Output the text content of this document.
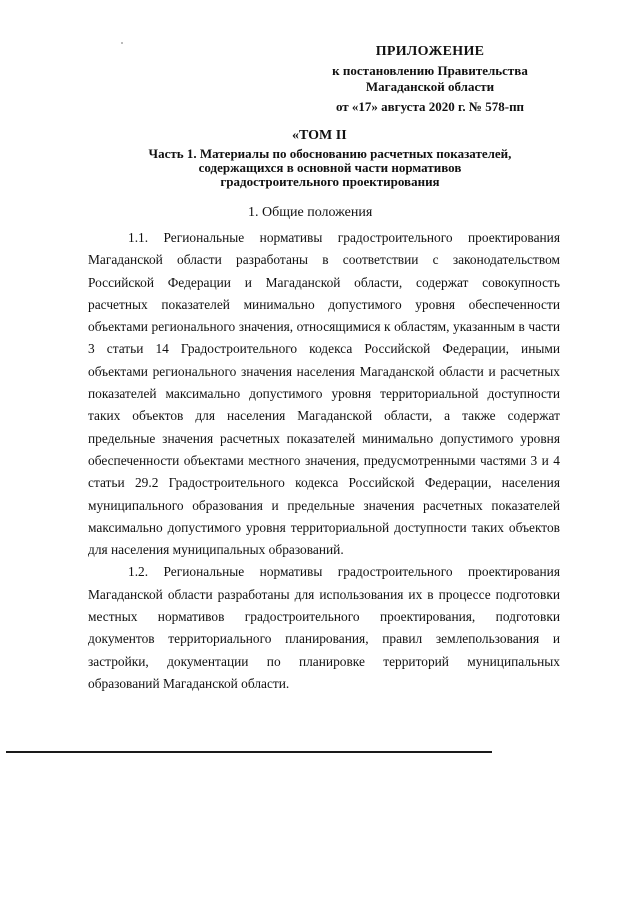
ПРИЛОЖЕНИЕ
к постановлению Правительства
Магаданской области
от «17» августа 2020 г. № 578-пп
«ТОМ II
Часть 1. Материалы по обоснованию расчетных показателей,
содержащихся в основной части нормативов
градостроительного проектирования
1. Общие положения

1.1. Региональные нормативы градостроительного проектирования Магаданской области разработаны в соответствии с законодательством Российской Федерации и Магаданской области, содержат совокупность расчетных показателей минимально допустимого уровня обеспеченности объектами регионального значения, относящимися к областям, указанным в части 3 статьи 14 Градостроительного кодекса Российской Федерации, иными объектами регионального значения населения Магаданской области и расчетных показателей максимально допустимого уровня территориальной доступности таких объектов для населения Магаданской области, а также содержат предельные значения расчетных показателей минимально допустимого уровня обеспеченности объектами местного значения, предусмотренными частями 3 и 4 статьи 29.2 Градостроительного кодекса Российской Федерации, населения муниципального образования и предельные значения расчетных показателей максимально допустимого уровня территориальной доступности таких объектов для населения муниципальных образований.

1.2. Региональные нормативы градостроительного проектирования Магаданской области разработаны для использования их в процессе подготовки местных нормативов градостроительного проектирования, подготовки документов территориального планирования, правил землепользования и застройки, документации по планировке территорий муниципальных образований Магаданской области.
